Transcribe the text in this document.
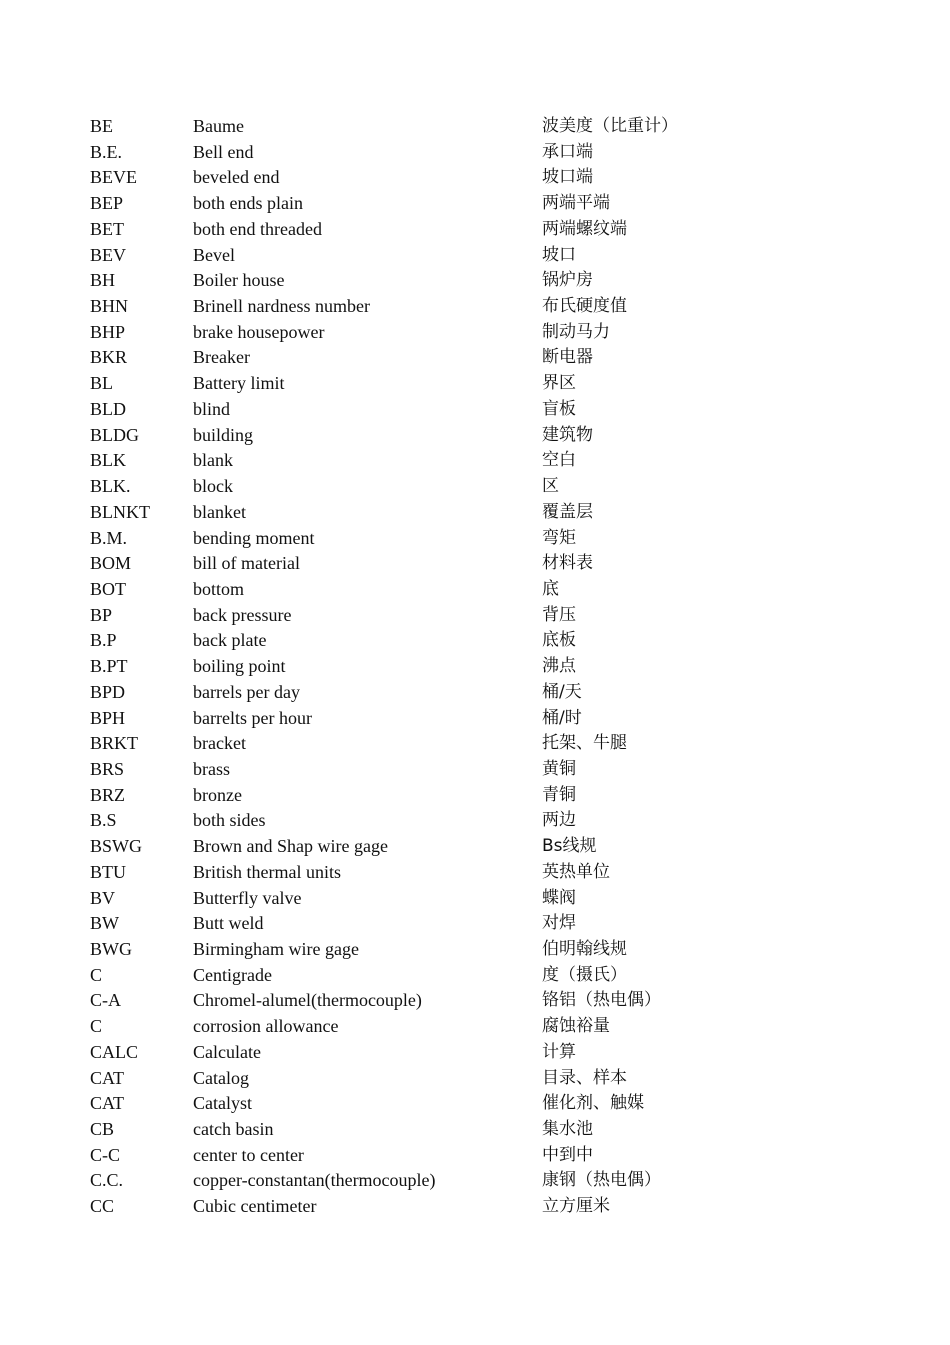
BE	Baume	波美度（比重计）
B.E.	Bell end	承口端
BEVE	beveled end	坡口端
BEP	both ends plain	两端平端
BET	both end threaded	两端螺纹端
BEV	Bevel	坡口
BH	Boiler house	锅炉房
BHN	Brinell nardness number	布氏硬度值
BHP	brake housepower	制动马力
BKR	Breaker	断电器
BL	Battery limit	界区
BLD	blind	盲板
BLDG	building	建筑物
BLK	blank	空白
BLK.	block	区
BLNKT	blanket	覆盖层
B.M.	bending moment	弯矩
BOM	bill of material	材料表
BOT	bottom	底
BP	back pressure	背压
B.P	back plate	底板
B.PT	boiling point	沸点
BPD	barrels per day	桶/天
BPH	barrelts per hour	桶/时
BRKT	bracket	托架、牛腿
BRS	brass	黄铜
BRZ	bronze	青铜
B.S	both sides	两边
BSWG	Brown and Shap wire gage	Bs线规
BTU	British thermal units	英热单位
BV	Butterfly valve	蝶阀
BW	Butt weld	对焊
BWG	Birmingham wire gage	伯明翰线规
C	Centigrade	度（摄氏）
C-A	Chromel-alumel(thermocouple)	铬铝（热电偶）
C	corrosion allowance	腐蚀裕量
CALC	Calculate	计算
CAT	Catalog	目录、样本
CAT	Catalyst	催化剂、触媒
CB	catch basin	集水池
C-C	center to center	中到中
C.C.	copper-constantan(thermocouple)	康钢（热电偶）
CC	Cubic centimeter	立方厘米
